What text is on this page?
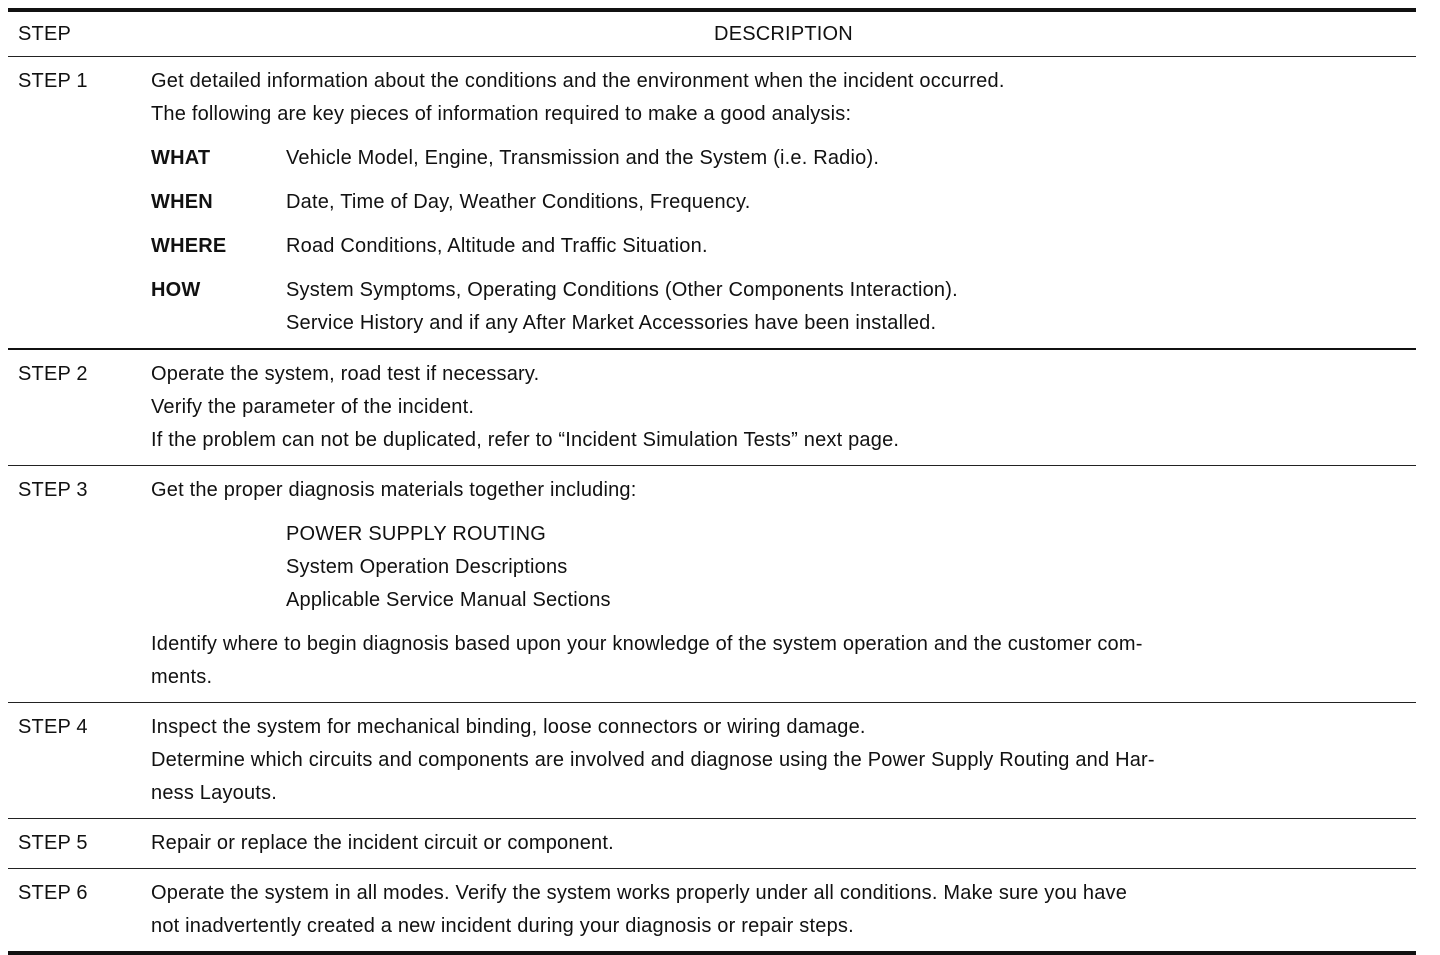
STEP	DESCRIPTION
STEP 1	Get detailed information about the conditions and the environment when the incident occurred.
The following are key pieces of information required to make a good analysis:
WHAT	Vehicle Model, Engine, Transmission and the System (i.e. Radio).
WHEN	Date, Time of Day, Weather Conditions, Frequency.
WHERE	Road Conditions, Altitude and Traffic Situation.
HOW	System Symptoms, Operating Conditions (Other Components Interaction).
Service History and if any After Market Accessories have been installed.
STEP 2	Operate the system, road test if necessary.
Verify the parameter of the incident.
If the problem can not be duplicated, refer to “Incident Simulation Tests” next page.
STEP 3	Get the proper diagnosis materials together including:
POWER SUPPLY ROUTING
System Operation Descriptions
Applicable Service Manual Sections
Identify where to begin diagnosis based upon your knowledge of the system operation and the customer com-
ments.
STEP 4	Inspect the system for mechanical binding, loose connectors or wiring damage.
Determine which circuits and components are involved and diagnose using the Power Supply Routing and Har-
ness Layouts.
STEP 5	Repair or replace the incident circuit or component.
STEP 6	Operate the system in all modes. Verify the system works properly under all conditions. Make sure you have
not inadvertently created a new incident during your diagnosis or repair steps.
